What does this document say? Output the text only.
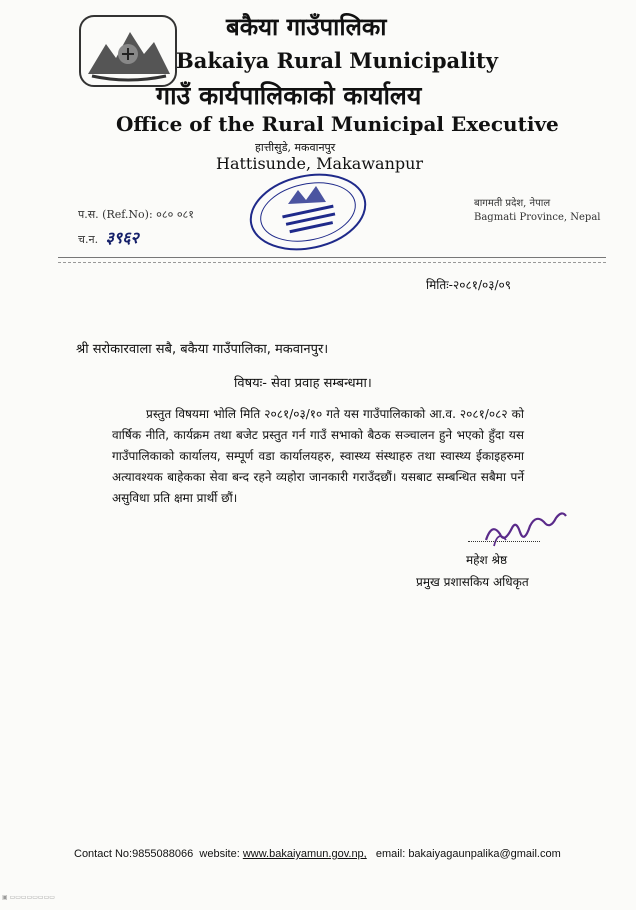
बकैया गाउँपालिका
Bakaiya Rural Municipality
गाउँ कार्यपालिकाको कार्यालय
Office of the Rural Municipal Executive
हात्तीसुडे, मकवानपुर
Hattisunde, Makawanpur
प.स. (Ref.No): ०८० ०८१
च.न. ३९६२
बागमती प्रदेश, नेपाल
Bagmati Province, Nepal
मितिः-२०८१/०३/०९
श्री सरोकारवाला सबै, बकैया गाउँपालिका, मकवानपुर।
विषयः- सेवा प्रवाह सम्बन्धमा।
प्रस्तुत विषयमा भोलि मिति २०८१/०३/१० गते यस गाउँपालिकाको आ.व. २०८१/०८२ को वार्षिक नीति, कार्यक्रम तथा बजेट प्रस्तुत गर्न गाउँ सभाको बैठक सञ्चालन हुने भएको हुँदा यस गाउँपालिकाको कार्यालय, सम्पूर्ण वडा कार्यालयहरु, स्वास्थ्य संस्थाहरु तथा स्वास्थ्य ईकाइहरुमा अत्यावश्यक बाहेकका सेवा बन्द रहने व्यहोरा जानकारी गराउँदछौं। यसबाट सम्बन्धित सबैमा पर्ने असुविधा प्रति क्षमा प्रार्थी छौं।
महेश श्रेष्ठ
प्रमुख प्रशासकिय अधिकृत
Contact No:9855088066 website: www.bakaiyamun.gov.np, email: bakaiyagaunpalika@gmail.com
▣ ▭▭▭▭▭▭▭▭
